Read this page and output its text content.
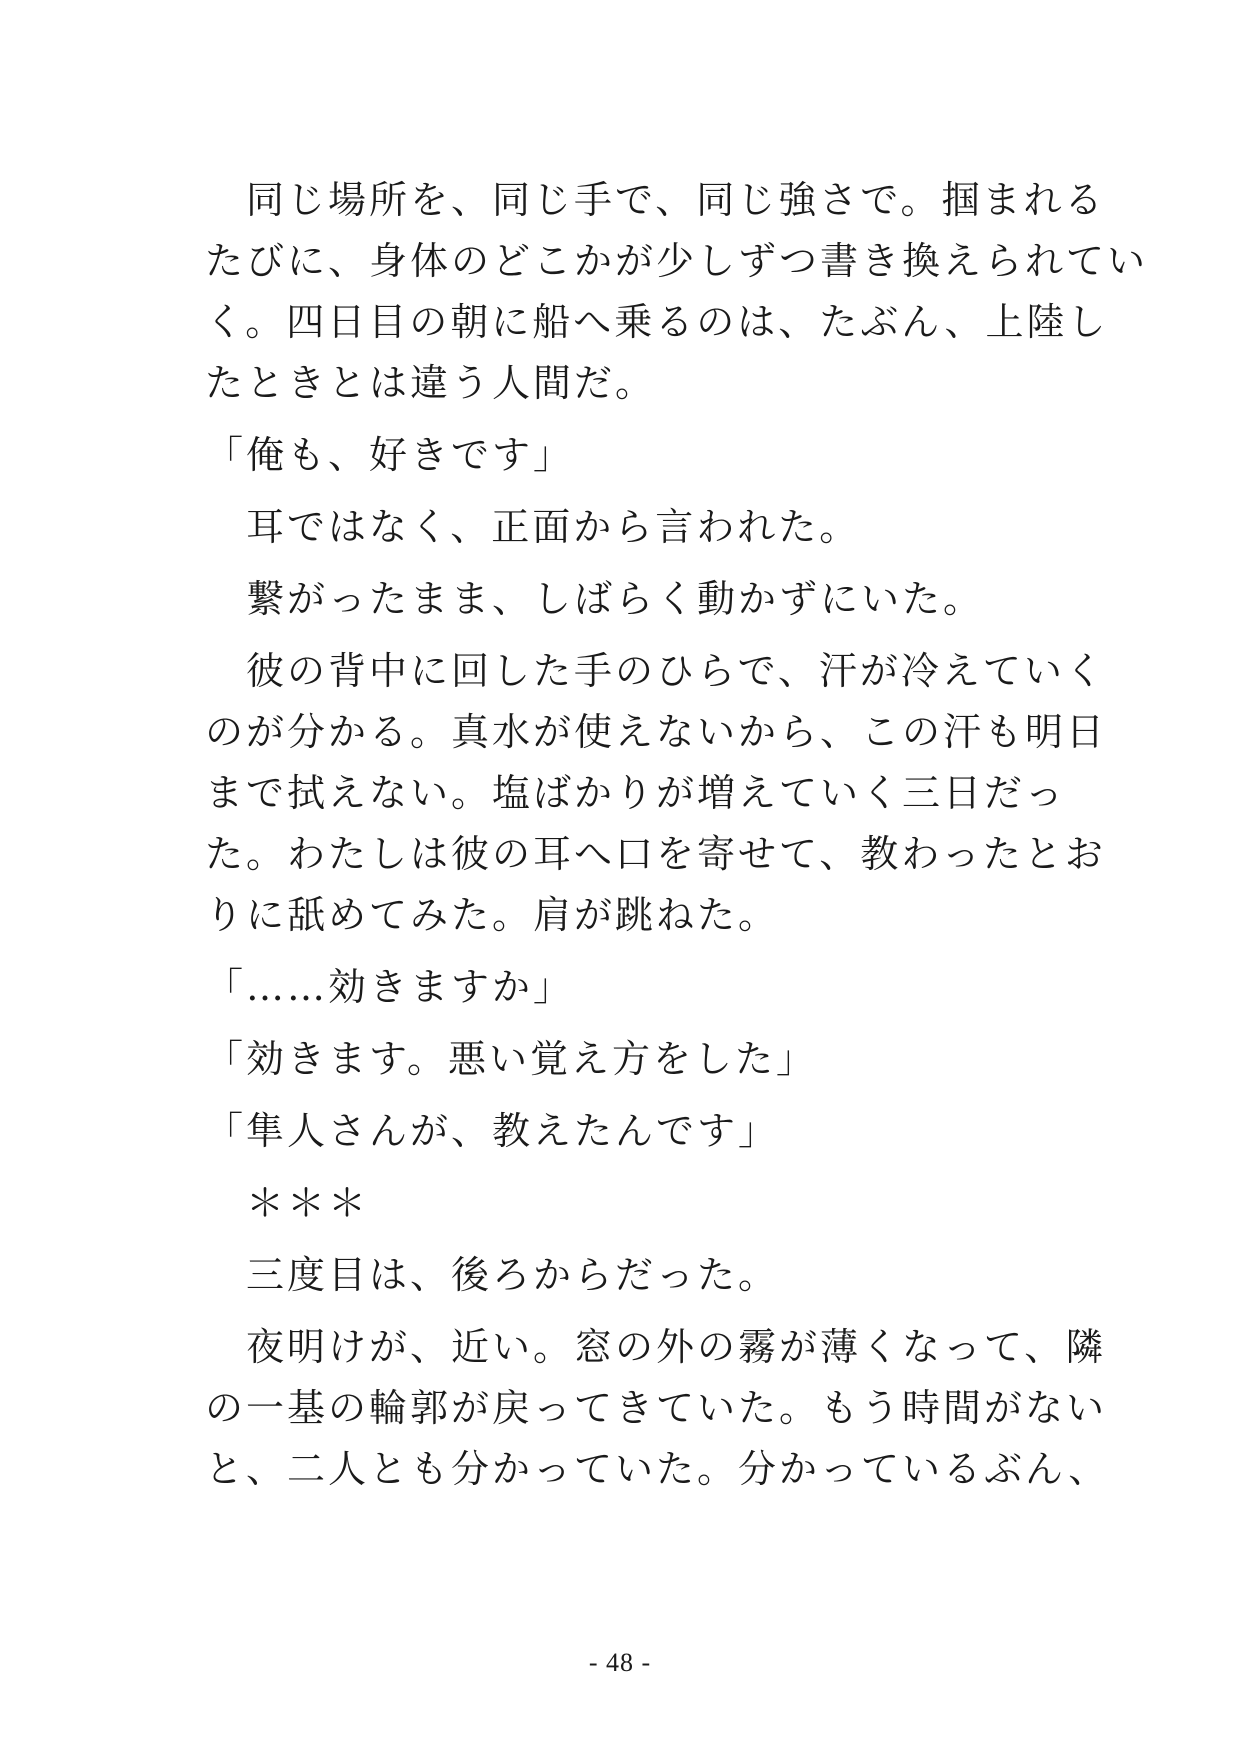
　同じ場所を、同じ手で、同じ強さで。掴まれる
たびに、身体のどこかが少しずつ書き換えられてい
く。四日目の朝に船へ乗るのは、たぶん、上陸し
たときとは違う人間だ。
「俺も、好きです」
　耳ではなく、正面から言われた。
　繋がったまま、しばらく動かずにいた。
　彼の背中に回した手のひらで、汗が冷えていく
のが分かる。真水が使えないから、この汗も明日
まで拭えない。塩ばかりが増えていく三日だっ
た。わたしは彼の耳へ口を寄せて、教わったとお
りに舐めてみた。肩が跳ねた。
「……効きますか」
「効きます。悪い覚え方をした」
「隼人さんが、教えたんです」
　＊＊＊
　三度目は、後ろからだった。
　夜明けが、近い。窓の外の霧が薄くなって、隣
の一基の輪郭が戻ってきていた。もう時間がない
と、二人とも分かっていた。分かっているぶん、
- 48 -
